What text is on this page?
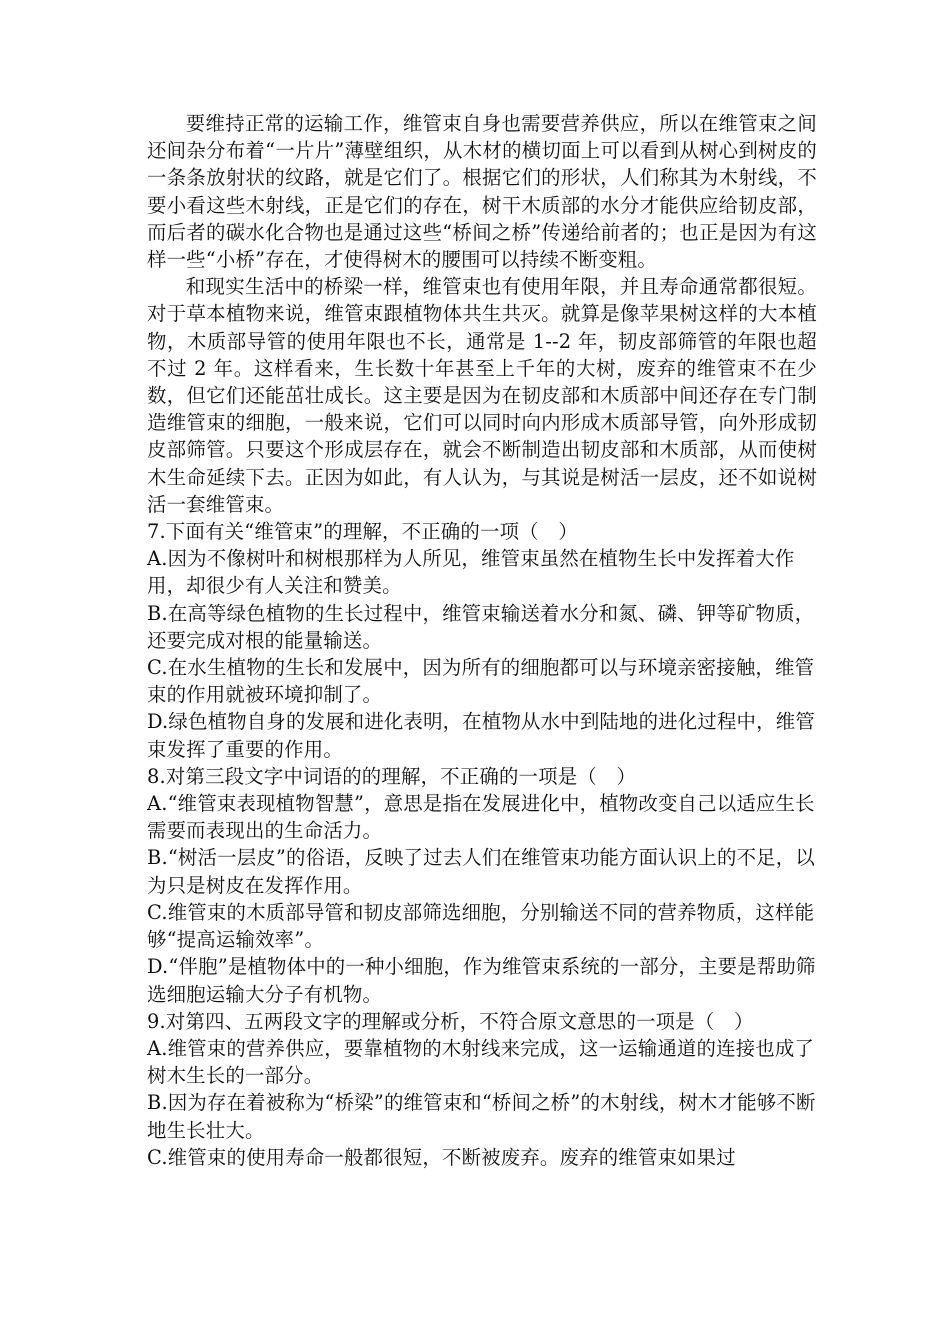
要维持正常的运输工作，维管束自身也需要营养供应，所以在维管束之间还间杂分布着“一片片”薄壁组织，从木材的横切面上可以看到从树心到树皮的一条条放射状的纹路，就是它们了。根据它们的形状，人们称其为木射线，不要小看这些木射线，正是它们的存在，树干木质部的水分才能供应给韧皮部，而后者的碳水化合物也是通过这些“桥间之桥”传递给前者的；也正是因为有这样一些“小桥”存在，才使得树木的腰围可以持续不断变粗。

和现实生活中的桥梁一样，维管束也有使用年限，并且寿命通常都很短。对于草本植物来说，维管束跟植物体共生共灭。就算是像苹果树这样的大本植物，木质部导管的使用年限也不长，通常是 1--2 年，韧皮部筛管的年限也超不过 2 年。这样看来，生长数十年甚至上千年的大树，废弃的维管束不在少数，但它们还能茁壮成长。这主要是因为在韧皮部和木质部中间还存在专门制造维管束的细胞，一般来说，它们可以同时向内形成木质部导管，向外形成韧皮部筛管。只要这个形成层存在，就会不断制造出韧皮部和木质部，从而使树木生命延续下去。正因为如此，有人认为，与其说是树活一层皮，还不如说树活一套维管束。

7.下面有关“维管束”的理解，不正确的一项（　）

A.因为不像树叶和树根那样为人所见，维管束虽然在植物生长中发挥着大作用，却很少有人关注和赞美。

B.在高等绿色植物的生长过程中，维管束输送着水分和氮、磷、钾等矿物质，还要完成对根的能量输送。

C.在水生植物的生长和发展中，因为所有的细胞都可以与环境亲密接触，维管束的作用就被环境抑制了。

D.绿色植物自身的发展和进化表明，在植物从水中到陆地的进化过程中，维管束发挥了重要的作用。

8.对第三段文字中词语的的理解，不正确的一项是（　）

A.“维管束表现植物智慧”，意思是指在发展进化中，植物改变自己以适应生长需要而表现出的生命活力。

B.“树活一层皮”的俗语，反映了过去人们在维管束功能方面认识上的不足，以为只是树皮在发挥作用。

C.维管束的木质部导管和韧皮部筛选细胞，分别输送不同的营养物质，这样能够“提高运输效率”。

D.“伴胞”是植物体中的一种小细胞，作为维管束系统的一部分，主要是帮助筛选细胞运输大分子有机物。

9.对第四、五两段文字的理解或分析，不符合原文意思的一项是（　）

A.维管束的营养供应，要靠植物的木射线来完成，这一运输通道的连接也成了树木生长的一部分。

B.因为存在着被称为“桥梁”的维管束和“桥间之桥”的木射线，树木才能够不断地生长壮大。

C.维管束的使用寿命一般都很短，不断被废弃。废弃的维管束如果过
